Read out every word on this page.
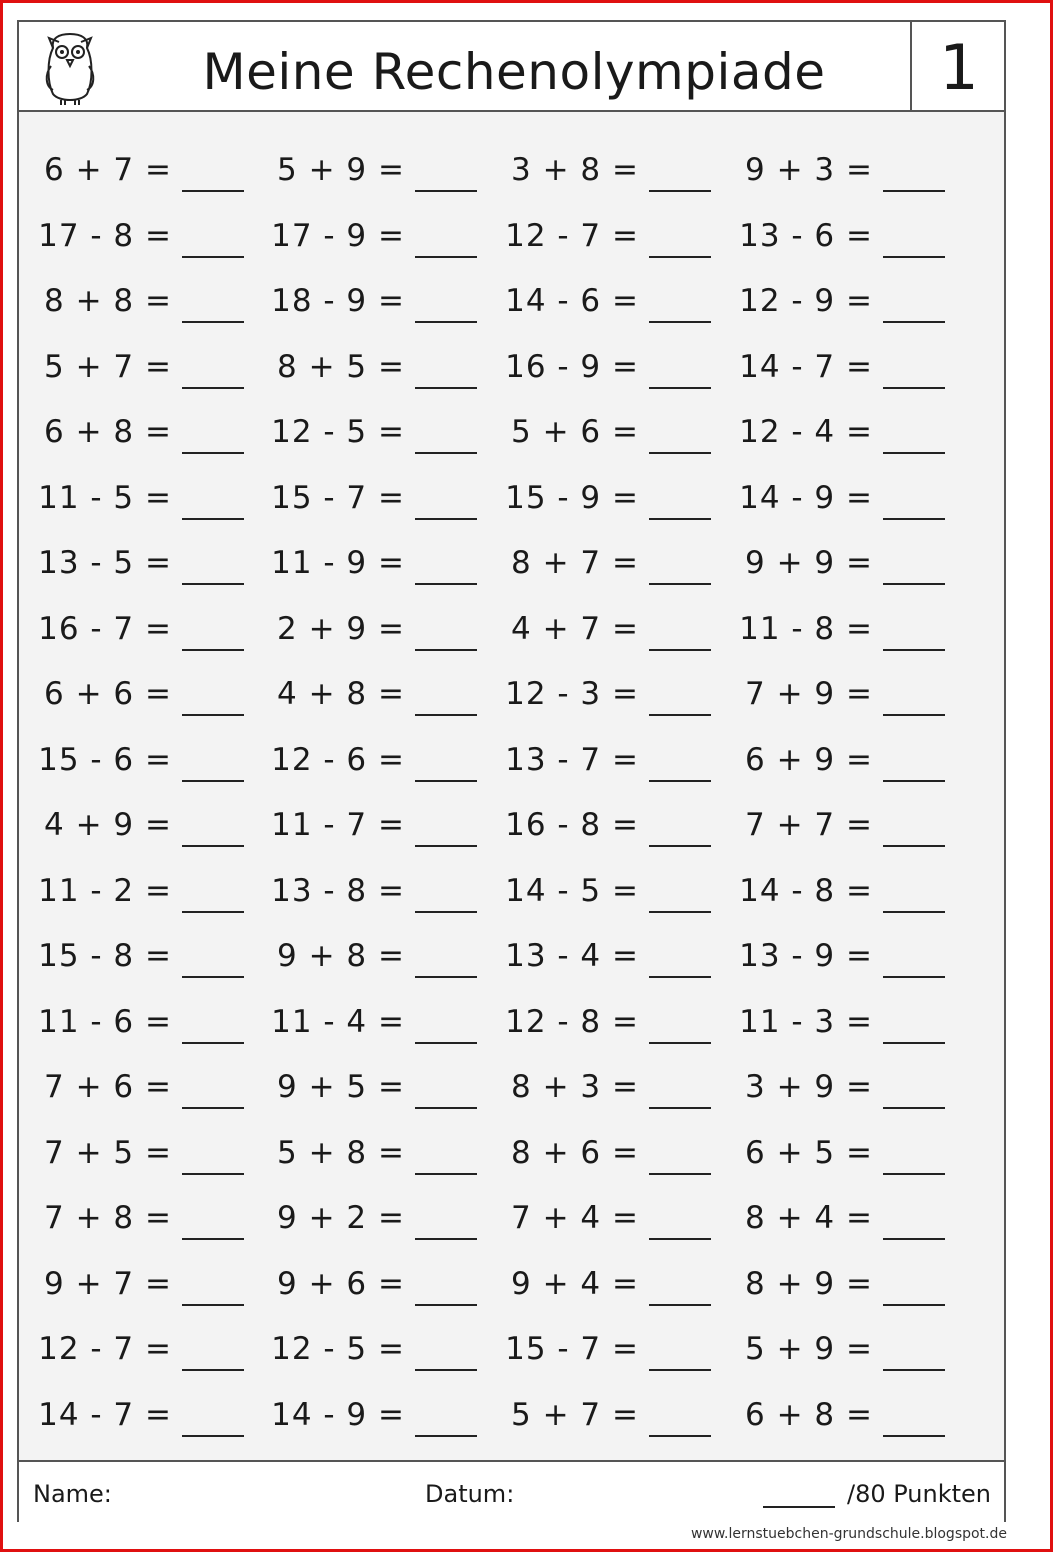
Meine Rechenolympiade	1
6 + 7 =	5 + 9 =	3 + 8 =	9 + 3 =
17 - 8 =	17 - 9 =	12 - 7 =	13 - 6 =
8 + 8 =	18 - 9 =	14 - 6 =	12 - 9 =
5 + 7 =	8 + 5 =	16 - 9 =	14 - 7 =
6 + 8 =	12 - 5 =	5 + 6 =	12 - 4 =
11 - 5 =	15 - 7 =	15 - 9 =	14 - 9 =
13 - 5 =	11 - 9 =	8 + 7 =	9 + 9 =
16 - 7 =	2 + 9 =	4 + 7 =	11 - 8 =
6 + 6 =	4 + 8 =	12 - 3 =	7 + 9 =
15 - 6 =	12 - 6 =	13 - 7 =	6 + 9 =
4 + 9 =	11 - 7 =	16 - 8 =	7 + 7 =
11 - 2 =	13 - 8 =	14 - 5 =	14 - 8 =
15 - 8 =	9 + 8 =	13 - 4 =	13 - 9 =
11 - 6 =	11 - 4 =	12 - 8 =	11 - 3 =
7 + 6 =	9 + 5 =	8 + 3 =	3 + 9 =
7 + 5 =	5 + 8 =	8 + 6 =	6 + 5 =
7 + 8 =	9 + 2 =	7 + 4 =	8 + 4 =
9 + 7 =	9 + 6 =	9 + 4 =	8 + 9 =
12 - 7 =	12 - 5 =	15 - 7 =	5 + 9 =
14 - 7 =	14 - 9 =	5 + 7 =	6 + 8 =
Name:	Datum:	/80 Punkten
www.lernstuebchen-grundschule.blogspot.de
